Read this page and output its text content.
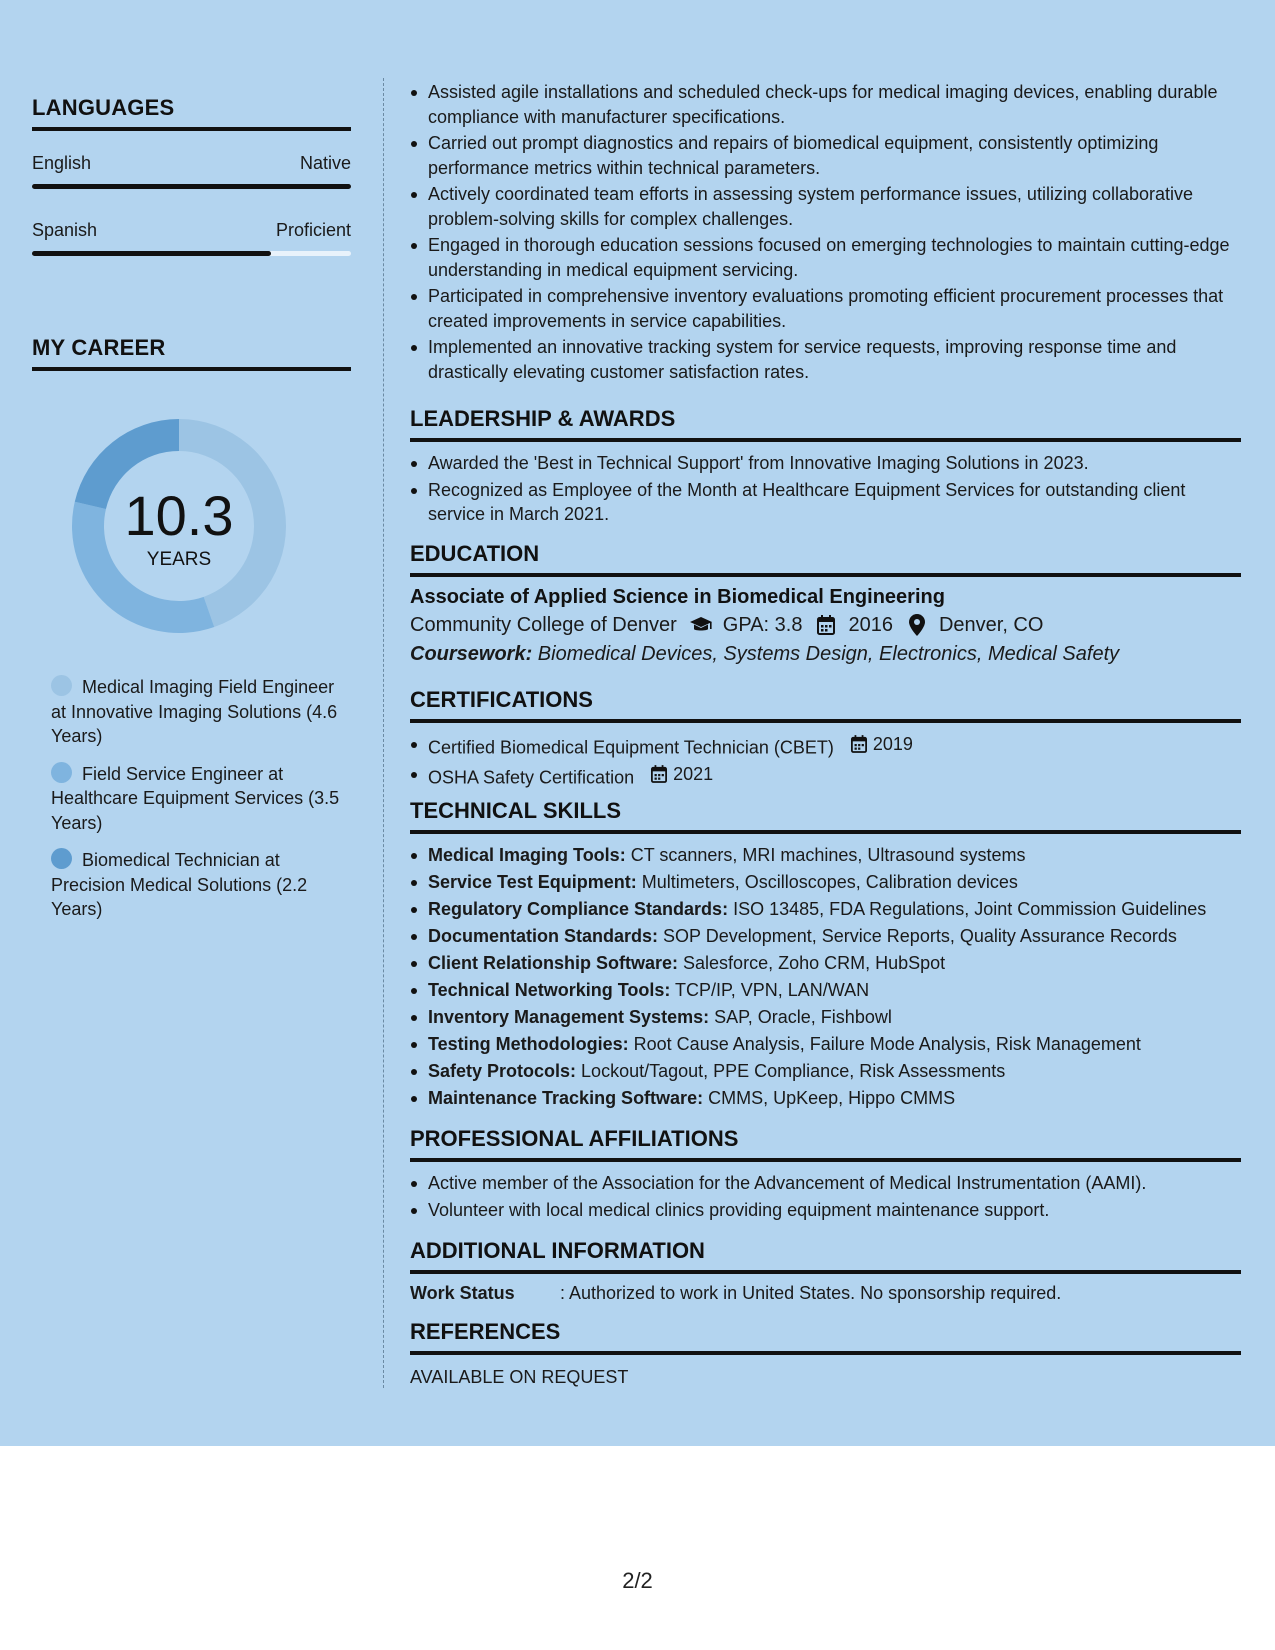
LANGUAGES
English	Native
Spanish	Proficient
MY CAREER
10.3
YEARS
Medical Imaging Field Engineer at Innovative Imaging Solutions (4.6 Years)
Field Service Engineer at Healthcare Equipment Services (3.5 Years)
Biomedical Technician at Precision Medical Solutions (2.2 Years)
Assisted agile installations and scheduled check-ups for medical imaging devices, enabling durable compliance with manufacturer specifications.
Carried out prompt diagnostics and repairs of biomedical equipment, consistently optimizing performance metrics within technical parameters.
Actively coordinated team efforts in assessing system performance issues, utilizing collaborative problem-solving skills for complex challenges.
Engaged in thorough education sessions focused on emerging technologies to maintain cutting-edge understanding in medical equipment servicing.
Participated in comprehensive inventory evaluations promoting efficient procurement processes that created improvements in service capabilities.
Implemented an innovative tracking system for service requests, improving response time and drastically elevating customer satisfaction rates.
LEADERSHIP & AWARDS
Awarded the 'Best in Technical Support' from Innovative Imaging Solutions in 2023.
Recognized as Employee of the Month at Healthcare Equipment Services for outstanding client service in March 2021.
EDUCATION
Associate of Applied Science in Biomedical Engineering
Community College of Denver GPA: 3.8 2016 Denver, CO
Coursework: Biomedical Devices, Systems Design, Electronics, Medical Safety
CERTIFICATIONS
Certified Biomedical Equipment Technician (CBET) 2019
OSHA Safety Certification 2021
TECHNICAL SKILLS
Medical Imaging Tools: CT scanners, MRI machines, Ultrasound systems
Service Test Equipment: Multimeters, Oscilloscopes, Calibration devices
Regulatory Compliance Standards: ISO 13485, FDA Regulations, Joint Commission Guidelines
Documentation Standards: SOP Development, Service Reports, Quality Assurance Records
Client Relationship Software: Salesforce, Zoho CRM, HubSpot
Technical Networking Tools: TCP/IP, VPN, LAN/WAN
Inventory Management Systems: SAP, Oracle, Fishbowl
Testing Methodologies: Root Cause Analysis, Failure Mode Analysis, Risk Management
Safety Protocols: Lockout/Tagout, PPE Compliance, Risk Assessments
Maintenance Tracking Software: CMMS, UpKeep, Hippo CMMS
PROFESSIONAL AFFILIATIONS
Active member of the Association for the Advancement of Medical Instrumentation (AAMI).
Volunteer with local medical clinics providing equipment maintenance support.
ADDITIONAL INFORMATION
Work Status	: Authorized to work in United States. No sponsorship required.
REFERENCES
AVAILABLE ON REQUEST
2/2
